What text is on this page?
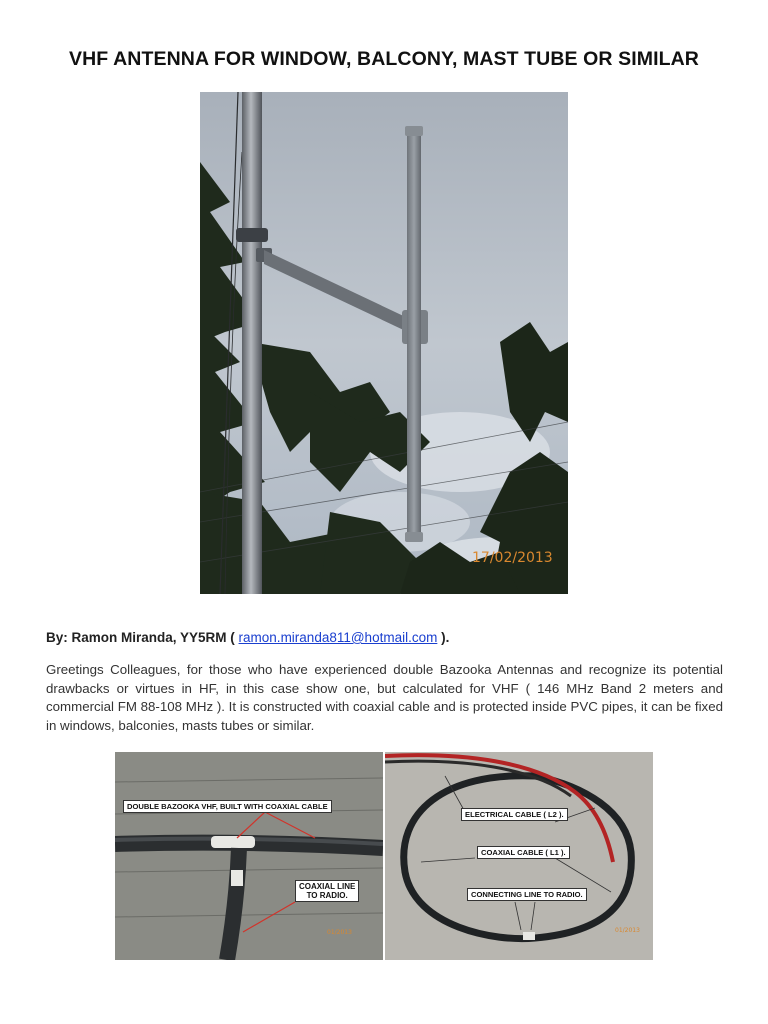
VHF ANTENNA FOR WINDOW, BALCONY, MAST TUBE OR SIMILAR
17/02/2013
By: Ramon Miranda, YY5RM ( ramon.miranda811@hotmail.com ).
Greetings Colleagues, for those who have experienced double Bazooka Antennas and recognize its potential drawbacks or virtues in HF, in this case show one, but calculated for VHF ( 146 MHz Band 2 meters and commercial FM 88-108 MHz ). It is constructed with coaxial cable and is protected inside PVC pipes, it can be fixed in windows, balconies, masts tubes or similar.
01/2013
DOUBLE BAZOOKA VHF, BUILT WITH COAXIAL CABLE
COAXIAL LINE
TO RADIO.
01/2013
ELECTRICAL CABLE ( L2 ).
COAXIAL CABLE ( L1 ).
CONNECTING LINE TO RADIO.
